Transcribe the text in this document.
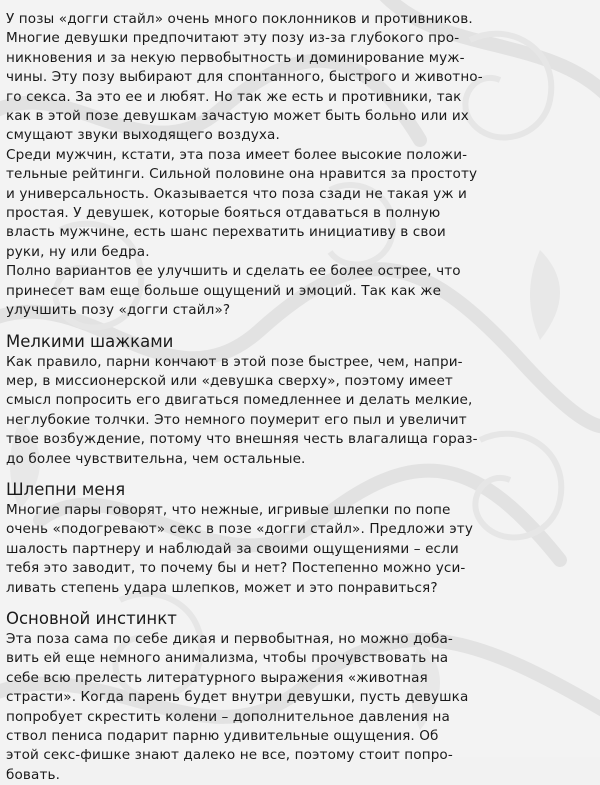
У позы «догги стайл» очень много поклонников и противников.
Многие девушки предпочитают эту позу из-за глубокого про-
никновения и за некую первобытность и доминирование муж-
чины. Эту позу выбирают для спонтанного, быстрого и животно-
го секса. За это ее и любят. Но так же есть и противники, так
как в этой позе девушкам зачастую может быть больно или их
смущают звуки выходящего воздуха.

Среди мужчин, кстати, эта поза имеет более высокие положи-
тельные рейтинги. Сильной половине она нравится за простоту
и универсальность. Оказывается что поза сзади не такая уж и
простая. У девушек, которые бояться отдаваться в полную
власть мужчине, есть шанс перехватить инициативу в свои
руки, ну или бедра.

Полно вариантов ее улучшить и сделать ее более острее, что
принесет вам еще больше ощущений и эмоций. Так как же
улучшить позу «догги стайл»?

Мелкими шажками

Как правило, парни кончают в этой позе быстрее, чем, напри-
мер, в миссионерской или «девушка сверху», поэтому имеет
смысл попросить его двигаться помедленнее и делать мелкие,
неглубокие толчки. Это немного поумерит его пыл и увеличит
твое возбуждение, потому что внешняя честь влагалища гораз-
до более чувствительна, чем остальные.

Шлепни меня

Многие пары говорят, что нежные, игривые шлепки по попе
очень «подогревают» секс в позе «догги стайл». Предложи эту
шалость партнеру и наблюдай за своими ощущениями – если
тебя это заводит, то почему бы и нет? Постепенно можно уси-
ливать степень удара шлепков, может и это понравиться?

Основной инстинкт

Эта поза сама по себе дикая и первобытная, но можно доба-
вить ей еще немного анимализма, чтобы прочувствовать на
себе всю прелесть литературного выражения «животная
страсти». Когда парень будет внутри девушки, пусть девушка
попробует скрестить колени – дополнительное давления на
ствол пениса подарит парню удивительные ощущения. Об
этой секс-фишке знают далеко не все, поэтому стоит попро-
бовать.
